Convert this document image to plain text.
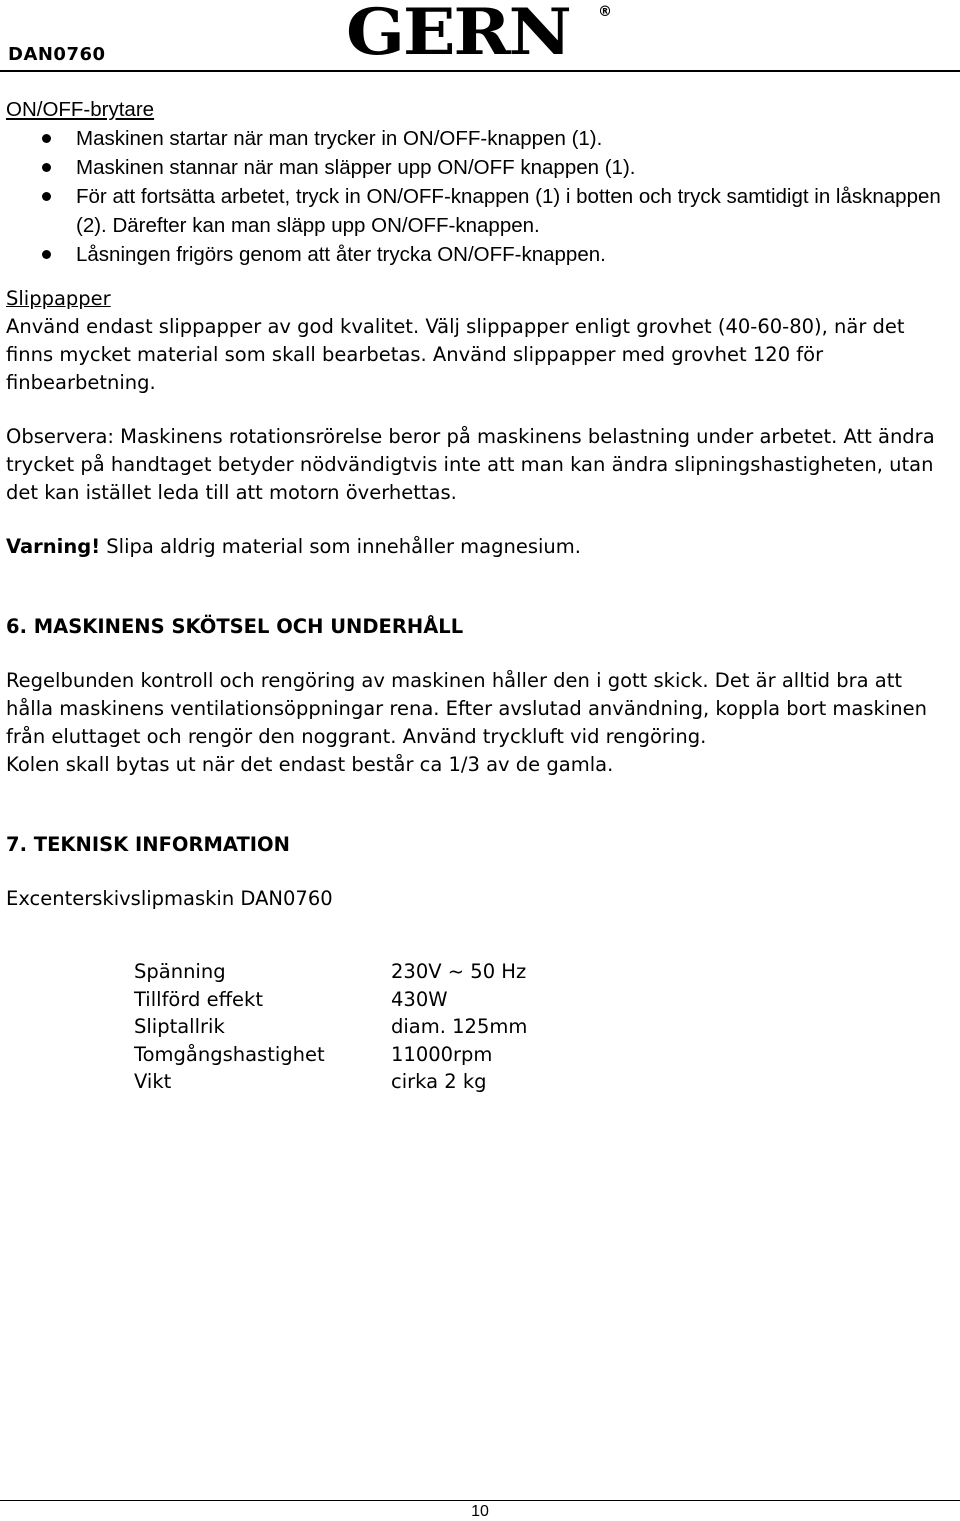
DAN0760	GERN ®

ON/OFF-brytare

Maskinen startar när man trycker in ON/OFF-knappen (1).
Maskinen stannar när man släpper upp ON/OFF knappen (1).
För att fortsätta arbetet, tryck in ON/OFF-knappen (1) i botten och tryck samtidigt in låsknappen (2). Därefter kan man släpp upp ON/OFF-knappen.
Låsningen frigörs genom att åter trycka ON/OFF-knappen.

Slippapper

Använd endast slippapper av god kvalitet. Välj slippapper enligt grovhet (40-60-80), när det finns mycket material som skall bearbetas. Använd slippapper med grovhet 120 för finbearbetning.

Observera: Maskinens rotationsrörelse beror på maskinens belastning under arbetet. Att ändra trycket på handtaget betyder nödvändigtvis inte att man kan ändra slipningshastigheten, utan det kan istället leda till att motorn överhettas.

Varning! Slipa aldrig material som innehåller magnesium.

6. MASKINENS SKÖTSEL OCH UNDERHÅLL

Regelbunden kontroll och rengöring av maskinen håller den i gott skick. Det är alltid bra att hålla maskinens ventilationsöppningar rena. Efter avslutad användning, koppla bort maskinen från eluttaget och rengör den noggrant. Använd tryckluft vid rengöring.

Kolen skall bytas ut när det endast består ca 1/3 av de gamla.

7. TEKNISK INFORMATION

Excenterskivslipmaskin DAN0760

Spänning	230V ~ 50 Hz
Tillförd effekt	430W
Sliptallrik	diam. 125mm
Tomgångshastighet	11000rpm
Vikt	cirka 2 kg
10
